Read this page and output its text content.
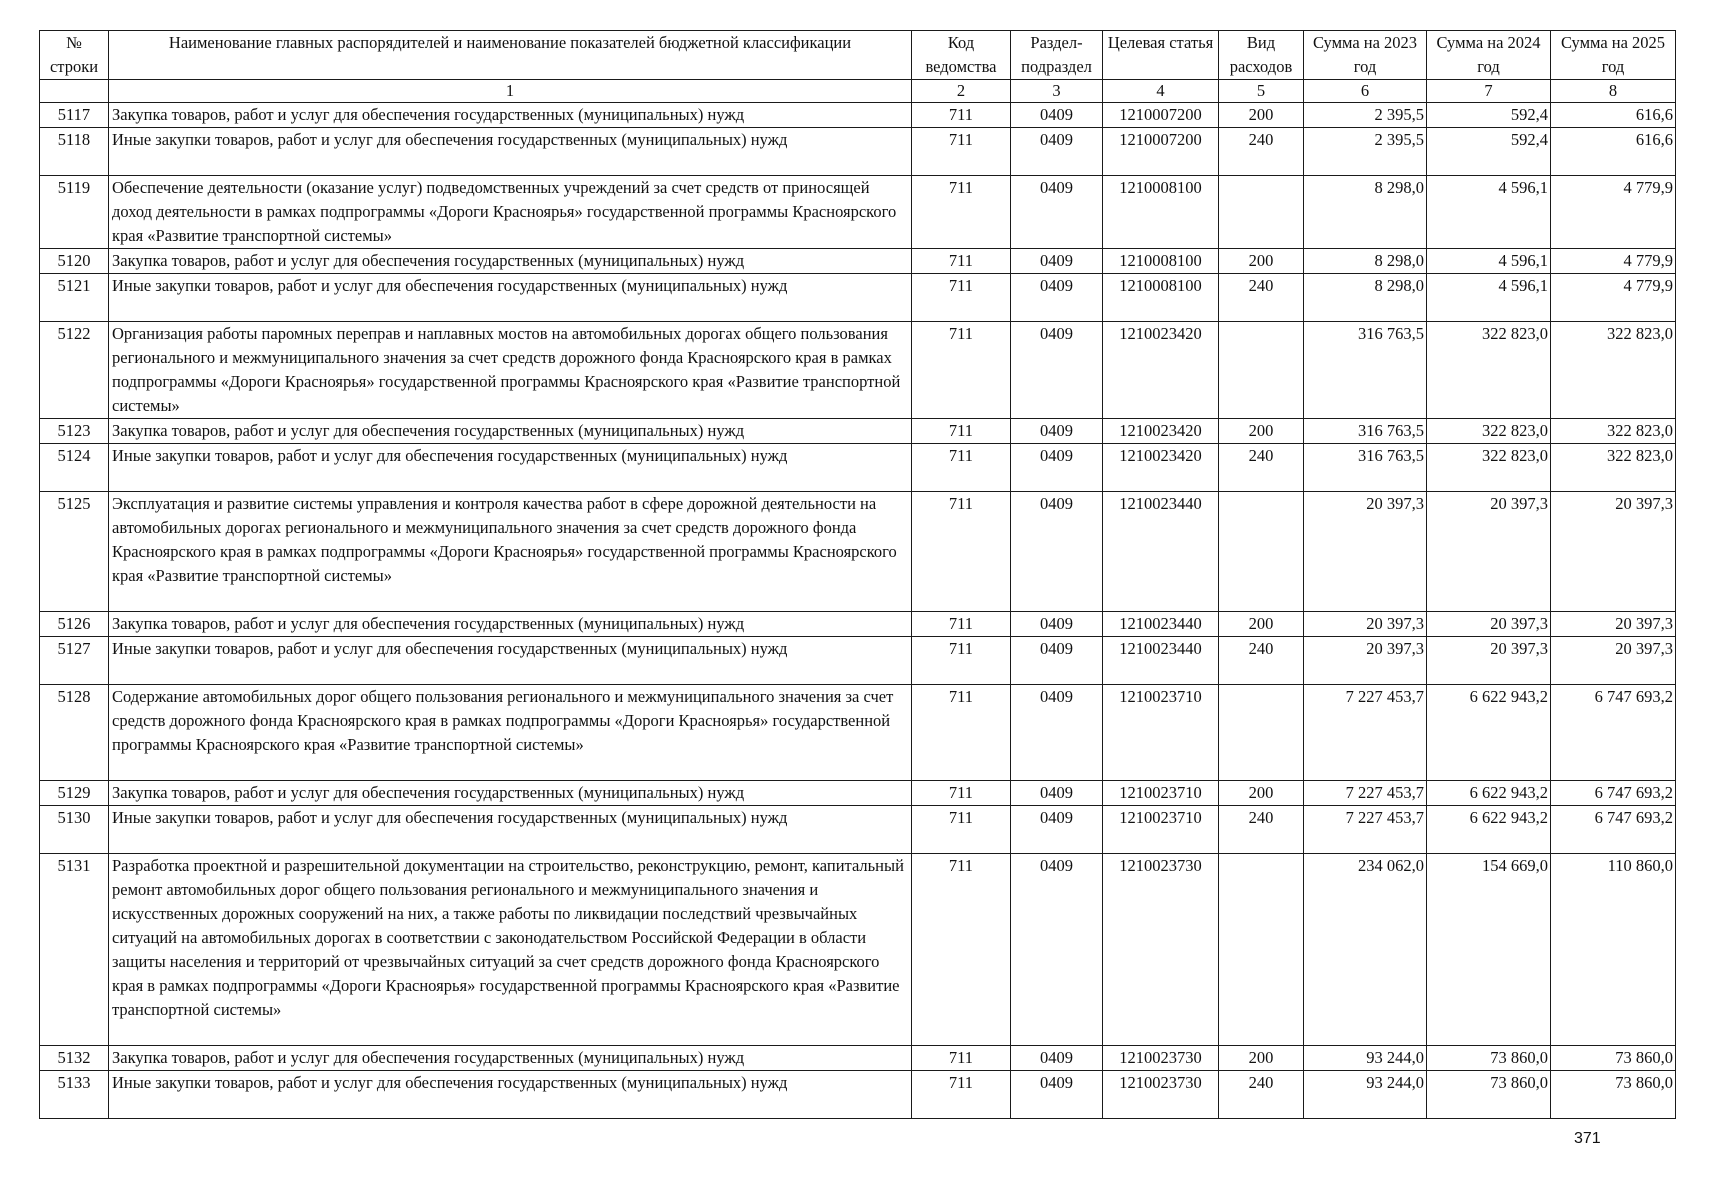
№ строки	Наименование главных распорядителей и наименование показателей бюджетной классификации	Код ведомства	Раздел-подраздел	Целевая статья	Вид расходов	Сумма на 2023 год	Сумма на 2024 год	Сумма на 2025 год
	1	2	3	4	5	6	7	8
5117	Закупка товаров, работ и услуг для обеспечения государственных (муниципальных) нужд	711	0409	1210007200	200	2 395,5	592,4	616,6
5118	Иные закупки товаров, работ и услуг для обеспечения государственных (муниципальных) нужд	711	0409	1210007200	240	2 395,5	592,4	616,6
5119	Обеспечение деятельности (оказание услуг) подведомственных учреждений за счет средств от приносящей доход деятельности в рамках подпрограммы «Дороги Красноярья» государственной программы Красноярского края «Развитие транспортной системы»	711	0409	1210008100		8 298,0	4 596,1	4 779,9
5120	Закупка товаров, работ и услуг для обеспечения государственных (муниципальных) нужд	711	0409	1210008100	200	8 298,0	4 596,1	4 779,9
5121	Иные закупки товаров, работ и услуг для обеспечения государственных (муниципальных) нужд	711	0409	1210008100	240	8 298,0	4 596,1	4 779,9
5122	Организация работы паромных переправ и наплавных мостов на автомобильных дорогах общего пользования регионального и межмуниципального значения за счет средств дорожного фонда Красноярского края в рамках подпрограммы «Дороги Красноярья» государственной программы Красноярского края «Развитие транспортной системы»	711	0409	1210023420		316 763,5	322 823,0	322 823,0
5123	Закупка товаров, работ и услуг для обеспечения государственных (муниципальных) нужд	711	0409	1210023420	200	316 763,5	322 823,0	322 823,0
5124	Иные закупки товаров, работ и услуг для обеспечения государственных (муниципальных) нужд	711	0409	1210023420	240	316 763,5	322 823,0	322 823,0
5125	Эксплуатация и развитие системы управления и контроля качества работ в сфере дорожной деятельности на автомобильных дорогах регионального и межмуниципального значения за счет средств дорожного фонда Красноярского края в рамках подпрограммы «Дороги Красноярья» государственной программы Красноярского края «Развитие транспортной системы»	711	0409	1210023440		20 397,3	20 397,3	20 397,3
5126	Закупка товаров, работ и услуг для обеспечения государственных (муниципальных) нужд	711	0409	1210023440	200	20 397,3	20 397,3	20 397,3
5127	Иные закупки товаров, работ и услуг для обеспечения государственных (муниципальных) нужд	711	0409	1210023440	240	20 397,3	20 397,3	20 397,3
5128	Содержание автомобильных дорог общего пользования регионального и межмуниципального значения за счет средств дорожного фонда Красноярского края в рамках подпрограммы «Дороги Красноярья» государственной программы Красноярского края «Развитие транспортной системы»	711	0409	1210023710		7 227 453,7	6 622 943,2	6 747 693,2
5129	Закупка товаров, работ и услуг для обеспечения государственных (муниципальных) нужд	711	0409	1210023710	200	7 227 453,7	6 622 943,2	6 747 693,2
5130	Иные закупки товаров, работ и услуг для обеспечения государственных (муниципальных) нужд	711	0409	1210023710	240	7 227 453,7	6 622 943,2	6 747 693,2
5131	Разработка проектной и разрешительной документации на строительство, реконструкцию, ремонт, капитальный ремонт автомобильных дорог общего пользования регионального и межмуниципального значения и искусственных дорожных сооружений на них, а также работы по ликвидации последствий чрезвычайных ситуаций на автомобильных дорогах в соответствии с законодательством Российской Федерации в области защиты населения и территорий от чрезвычайных ситуаций за счет средств дорожного фонда Красноярского края в рамках подпрограммы «Дороги Красноярья» государственной программы Красноярского края «Развитие транспортной системы»	711	0409	1210023730		234 062,0	154 669,0	110 860,0
5132	Закупка товаров, работ и услуг для обеспечения государственных (муниципальных) нужд	711	0409	1210023730	200	93 244,0	73 860,0	73 860,0
5133	Иные закупки товаров, работ и услуг для обеспечения государственных (муниципальных) нужд	711	0409	1210023730	240	93 244,0	73 860,0	73 860,0
371
